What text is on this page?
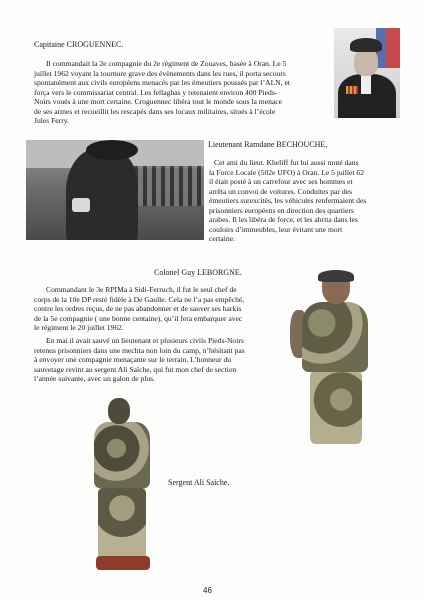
Capitaine CROGUENNEC.

Il commandait la 2e compagnie du 2e régiment de Zouaves, basée à Oran. Le 5

juillet 1962 voyant la tournure grave des évènements dans les rues, il porta secours

spontanément aux civils européens menacés par les émeutiers poussés par l’ALN, et

força vers le commissariat central. Les fellaghas y retenaient environ 400 Pieds-

Noirs voués à une mort certaine. Croguennec libéra tout le monde sous la menace

de ses armes et recueillit les rescapés dans ses locaux militaires, situés à l’école

Jules Ferry.

Lieutenant Ramdane BECHOUCHE,

Cet ami du lieut. Kheliff fut lui aussi muté dans

la Force Locale (502e UFO) à Oran. Le 5 juillet 62

il était posté à un carrefour avec ses hommes et

arrêta un convoi de voitures. Conduites par des

émeutiers surexcités, les véhicules renfermaient des

prisonniers européens en direction des quartiers

arabes. Il les libéra de force, et les abrita dans les

couloirs d’immeubles, leur évitant une mort

certaine.

Colonel Guy LEBORGNE.

Commandant le 3e RPIMa à Sidi-Ferruch, il fut le seul chef de

corps de la 10e DP resté fidèle à De Gaulle. Cela ne l’a pas empêché,

contre les ordres reçus, de ne pas abandonner et de sauver ses harkis

de la 5e compagnie ( une bonne centaine), qu’il fera embarquer avec

le régiment le 20 juillet 1962.

En mai il avait sauvé un lieutenant et plusieurs civils Pieds-Noirs

retenus prisonniers dans une mechta non loin du camp, n’hésitant pas

à envoyer une compagnie menaçante sur le terrain. L’honneur du

sauvetage revint au sergent Ali Saïche, qui fut mon chef de section

l’année suivante, avec un galon de plus.

Sergent Ali Saïche.

46
